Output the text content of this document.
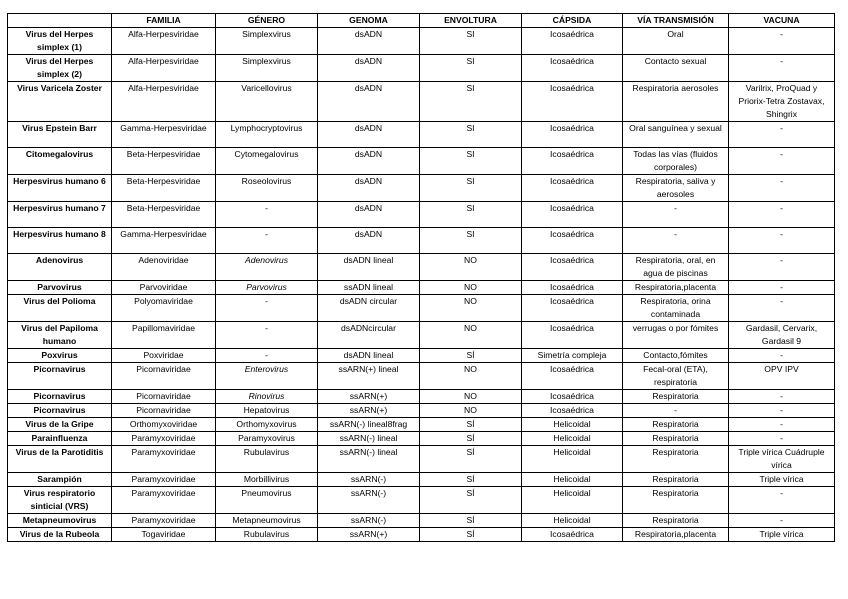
	FAMILIA	GÉNERO	GENOMA	ENVOLTURA	CÁPSIDA	VÍA TRANSMISIÓN	VACUNA
Virus del Herpes simplex (1)	Alfa-Herpesviridae	Simplexvirus	dsADN	SI	Icosaédrica	Oral	-
Virus del Herpes simplex (2)	Alfa-Herpesviridae	Simplexvirus	dsADN	SI	Icosaédrica	Contacto sexual	-
Virus Varicela Zoster	Alfa-Herpesviridae	Varicellovirus	dsADN	SI	Icosaédrica	Respiratoria aerosoles	Varilrix, ProQuad y Priorix-Tetra Zostavax, Shingrix
Virus Epstein Barr	Gamma-Herpesviridae	Lymphocryptovirus	dsADN	SI	Icosaédrica	Oral sanguínea y sexual	-
Citomegalovirus	Beta-Herpesviridae	Cytomegalovirus	dsADN	SI	Icosaédrica	Todas las vías (fluidos corporales)	-
Herpesvirus humano 6	Beta-Herpesviridae	Roseolovirus	dsADN	SI	Icosaédrica	Respiratoria, saliva y aerosoles	-
Herpesvirus humano 7	Beta-Herpesviridae	-	dsADN	SI	Icosaédrica	-	-
Herpesvirus humano 8	Gamma-Herpesviridae	-	dsADN	SI	Icosaédrica	-	-
Adenovirus	Adenoviridae	Adenovirus	dsADN lineal	NO	Icosaédrica	Respiratoria, oral, en agua de piscinas	-
Parvovirus	Parvoviridae	Parvovirus	ssADN lineal	NO	Icosaédrica	Respiratoria,placenta	-
Virus del Polioma	Polyomaviridae	-	dsADN circular	NO	Icosaédrica	Respiratoria, orina contaminada	-
Virus del Papiloma humano	Papillomaviridae	-	dsADNcircular	NO	Icosaédrica	verrugas o por fómites	Gardasil, Cervarix, Gardasil 9
Poxvirus	Poxviridae	-	dsADN lineal	SÍ	Simetría compleja	Contacto,fómites	-
Picornavirus	Picornaviridae	Enterovirus	ssARN(+) lineal	NO	Icosaédrica	Fecal-oral (ETA), respiratoria	OPV IPV
Picornavirus	Picornaviridae	Rinovirus	ssARN(+)	NO	Icosaédrica	Respiratoria	-
Picornavirus	Picornaviridae	Hepatovirus	ssARN(+)	NO	Icosaédrica	-	-
Virus de la Gripe	Orthomyxoviridae	Orthomyxovirus	ssARN(-) lineal8frag	SÍ	Helicoidal	Respiratoria	-
Parainfluenza	Paramyxoviridae	Paramyxovirus	ssARN(-) lineal	SÍ	Helicoidal	Respiratoria	-
Virus de la Parotiditis	Paramyxoviridae	Rubulavirus	ssARN(-) lineal	SÍ	Helicoidal	Respiratoria	Triple vírica Cuádruple vírica
Sarampión	Paramyxoviridae	Morbillivirus	ssARN(-)	SÍ	Helicoidal	Respiratoria	Triple vírica
Virus respiratorio sinticial (VRS)	Paramyxoviridae	Pneumovirus	ssARN(-)	SÍ	Helicoidal	Respiratoria	-
Metapneumovirus	Paramyxoviridae	Metapneumovirus	ssARN(-)	SÍ	Helicoidal	Respiratoria	-
Virus de la Rubeola	Togaviridae	Rubulavirus	ssARN(+)	SÍ	Icosaédrica	Respiratoria,placenta	Triple vírica
